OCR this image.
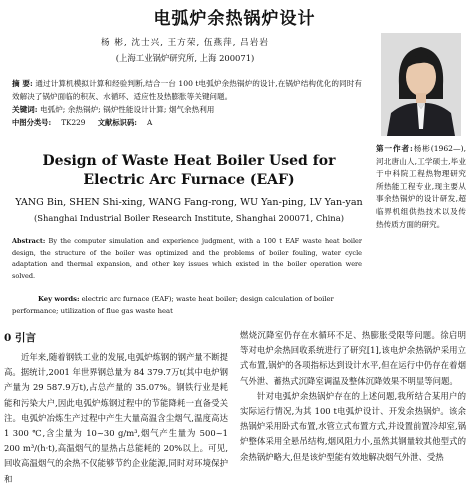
电弧炉余热锅炉设计
杨 彬, 沈士兴, 王方荣, 伍燕萍, 吕岩岩
(上海工业锅炉研究所, 上海 200071)
摘 要: 通过计算机模拟计算和经验判断,结合一台 100 t电弧炉余热锅炉的设计,在锅炉结构优化的同时有效解决了锅炉面临的积灰、水循环、适应性及热膨胀等关键问题。
关键词: 电弧炉; 余热锅炉; 锅炉性能设计计算; 烟气余热利用
中图分类号: TK229 文献标识码: A
第一作者:杨彬(1962—),河北唐山人,工学硕士,毕业于中科院工程热物理研究所热能工程专业,现主要从事余热锅炉的设计研发,超临界机组供热技术以及传热传质方面的研究。
Design of Waste Heat Boiler Used for
Electric Arc Furnace (EAF)
YANG Bin, SHEN Shi-xing, WANG Fang-rong, WU Yan-ping, LV Yan-yan
(Shanghai Industrial Boiler Research Institute, Shanghai 200071, China)
Abstract: By the computer simulation and experience judgment, with a 100 t EAF waste heat boiler design, the structure of the boiler was optimized and the problems of boiler fouling, water cycle adaptation and thermal expansion, and other key issues which existed in the boiler operation were solved.
Key words: electric arc furnace (EAF); waste heat boiler; design calculation of boiler performance; utilization of flue gas waste heat
0 引言
近年来,随着钢铁工业的发展,电弧炉炼钢的钢产量不断提高。据统计,2001 年世界钢总量为 84 379.7万t(其中电炉钢产量为 29 587.9万t),占总产量的 35.07%。钢铁行业是耗能和污染大户,因此电弧炉炼钢过程中的节能降耗一直备受关注。电弧炉冶炼生产过程中产生大量高温含尘烟气,温度高达 1 300 ℃,含尘量为 10~30 g/m³,烟气产生量为 500~1 200 m³/(h·t),高温烟气的显热占总能耗的 20%以上。可见,回收高温烟气的余热不仅能够节约企业能源,同时对环境保护和

燃烧沉降室仍存在水循环不足、热膨胀受限等问题。徐启明等对电炉余热回收系统进行了研究[1],该电炉余热锅炉采用立式布置,锅炉的各项指标达到设计水平,但在运行中仍存在着烟气外泄、蓄热式沉降室调温及整体沉降效果不明显等问题。

针对电弧炉余热锅炉存在的上述问题,我所结合某用户的实际运行情况,为其 100 t电弧炉设计、开发余热锅炉。该余热锅炉采用卧式布置,水管立式布置方式,并设置前置冷却室,锅炉整体采用全悬吊结构,烟风阻力小,虽然其钢量较其他型式的余热锅炉略大,但是该炉型能有效地解决烟气外泄、受热
